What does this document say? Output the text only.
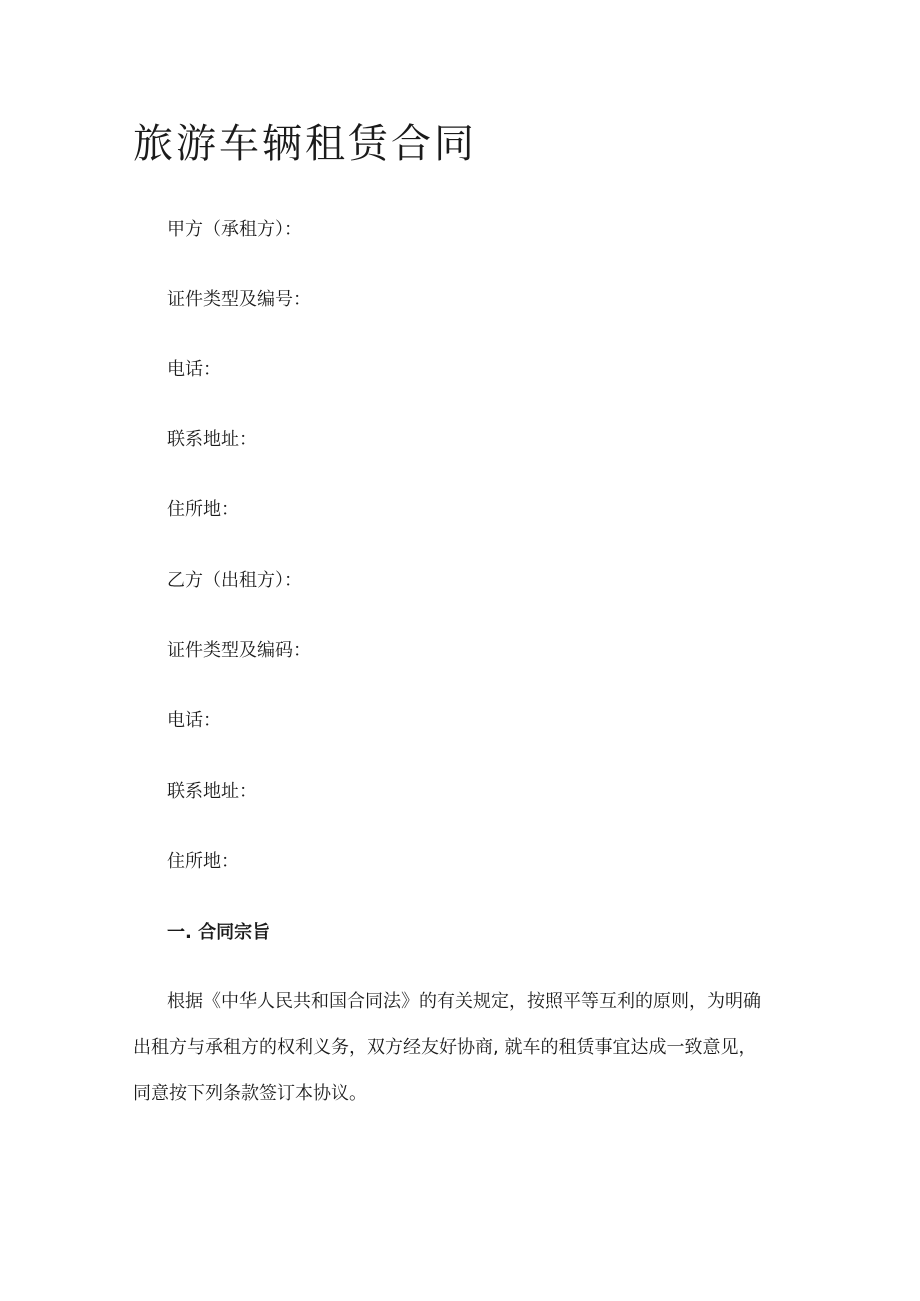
旅游车辆租赁合同
甲方（承租方）：
证件类型及编号：
电话：
联系地址：
住所地：
乙方（出租方）：
证件类型及编码：
电话：
联系地址：
住所地：
一. 合同宗旨
根据《中华人民共和国合同法》的有关规定，按照平等互利的原则，为明确
出租方与承租方的权利义务，双方经友好协商, 就车的租赁事宜达成一致意见，
同意按下列条款签订本协议。
